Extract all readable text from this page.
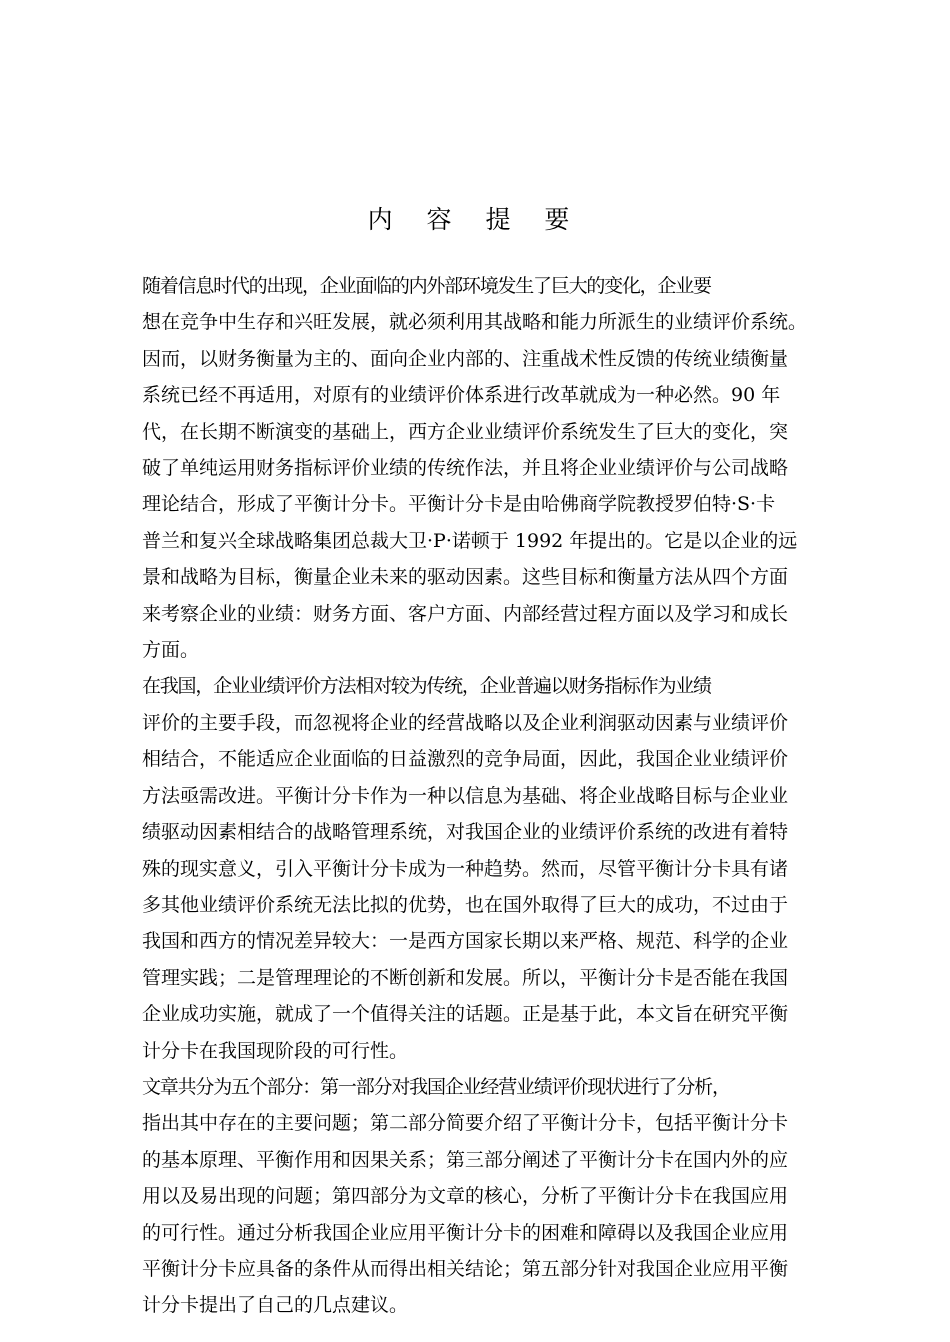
内 容 提 要

随着信息时代的出现，企业面临的内外部环境发生了巨大的变化，企业要
想在竞争中生存和兴旺发展，就必须利用其战略和能力所派生的业绩评价系统。
因而，以财务衡量为主的、面向企业内部的、注重战术性反馈的传统业绩衡量
系统已经不再适用，对原有的业绩评价体系进行改革就成为一种必然。90 年
代，在长期不断演变的基础上，西方企业业绩评价系统发生了巨大的变化，突
破了单纯运用财务指标评价业绩的传统作法，并且将企业业绩评价与公司战略
理论结合，形成了平衡计分卡。平衡计分卡是由哈佛商学院教授罗伯特·S·卡
普兰和复兴全球战略集团总裁大卫·P·诺顿于 1992 年提出的。它是以企业的远
景和战略为目标，衡量企业未来的驱动因素。这些目标和衡量方法从四个方面
来考察企业的业绩：财务方面、客户方面、内部经营过程方面以及学习和成长
方面。

在我国，企业业绩评价方法相对较为传统，企业普遍以财务指标作为业绩
评价的主要手段，而忽视将企业的经营战略以及企业利润驱动因素与业绩评价
相结合，不能适应企业面临的日益激烈的竞争局面，因此，我国企业业绩评价
方法亟需改进。平衡计分卡作为一种以信息为基础、将企业战略目标与企业业
绩驱动因素相结合的战略管理系统，对我国企业的业绩评价系统的改进有着特
殊的现实意义，引入平衡计分卡成为一种趋势。然而，尽管平衡计分卡具有诸
多其他业绩评价系统无法比拟的优势，也在国外取得了巨大的成功，不过由于
我国和西方的情况差异较大：一是西方国家长期以来严格、规范、科学的企业
管理实践；二是管理理论的不断创新和发展。所以，平衡计分卡是否能在我国
企业成功实施，就成了一个值得关注的话题。正是基于此，本文旨在研究平衡
计分卡在我国现阶段的可行性。

文章共分为五个部分：第一部分对我国企业经营业绩评价现状进行了分析，
指出其中存在的主要问题；第二部分简要介绍了平衡计分卡，包括平衡计分卡
的基本原理、平衡作用和因果关系；第三部分阐述了平衡计分卡在国内外的应
用以及易出现的问题；第四部分为文章的核心，分析了平衡计分卡在我国应用
的可行性。通过分析我国企业应用平衡计分卡的困难和障碍以及我国企业应用
平衡计分卡应具备的条件从而得出相关结论；第五部分针对我国企业应用平衡
计分卡提出了自己的几点建议。
